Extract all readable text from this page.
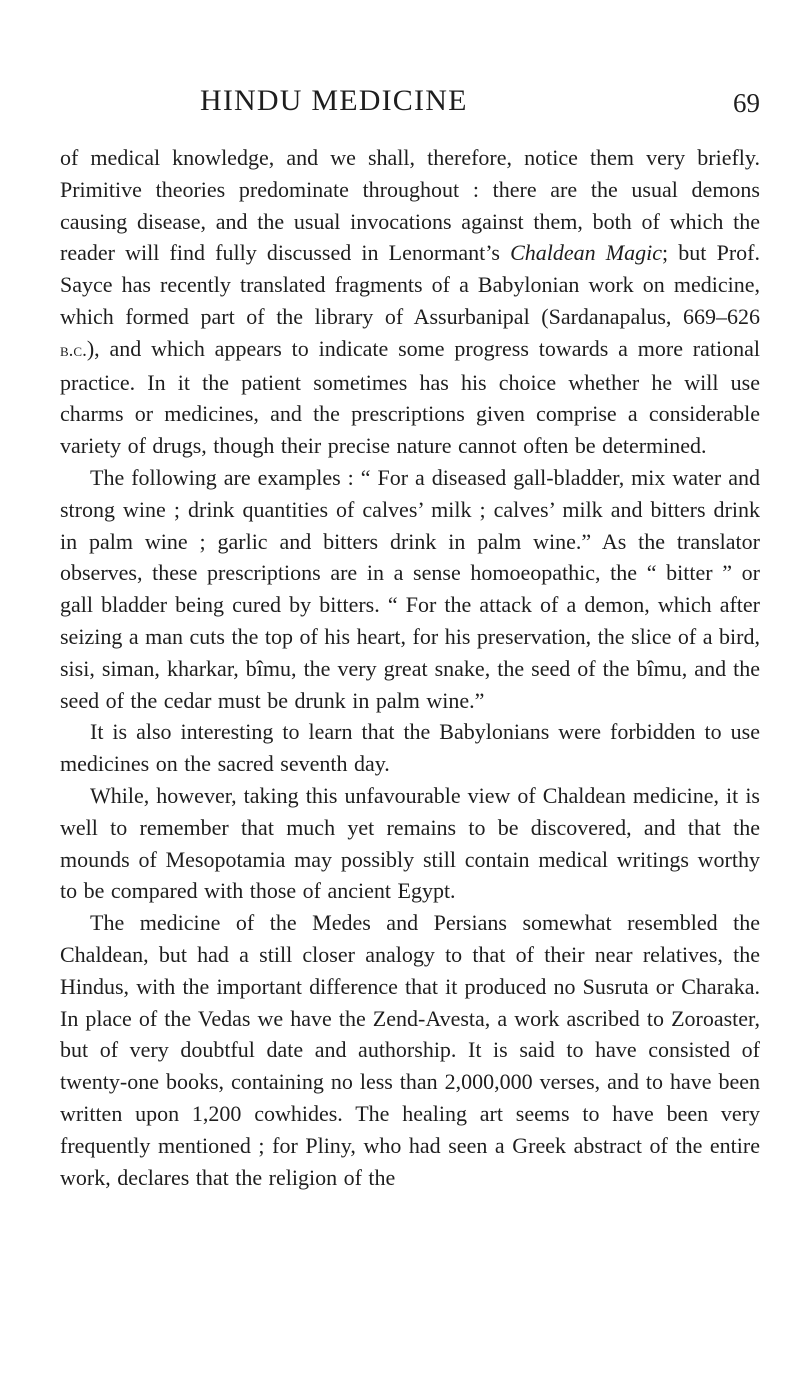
HINDU MEDICINE	69

of medical knowledge, and we shall, therefore, notice them very briefly. Primitive theories predominate throughout : there are the usual demons causing disease, and the usual invocations against them, both of which the reader will find fully discussed in Lenormant’s Chaldean Magic; but Prof. Sayce has recently translated fragments of a Babylonian work on medicine, which formed part of the library of Assurbanipal (Sardanapalus, 669–626 b.c.), and which appears to indicate some progress towards a more rational practice. In it the patient sometimes has his choice whether he will use charms or medicines, and the prescriptions given comprise a considerable variety of drugs, though their precise nature cannot often be determined.

The following are examples : “ For a diseased gall-bladder, mix water and strong wine ; drink quantities of calves’ milk ; calves’ milk and bitters drink in palm wine ; garlic and bitters drink in palm wine.” As the translator observes, these prescriptions are in a sense homoeopathic, the “ bitter ” or gall bladder being cured by bitters. “ For the attack of a demon, which after seizing a man cuts the top of his heart, for his preservation, the slice of a bird, sisi, siman, kharkar, bîmu, the very great snake, the seed of the bîmu, and the seed of the cedar must be drunk in palm wine.”

It is also interesting to learn that the Babylonians were forbidden to use medicines on the sacred seventh day.

While, however, taking this unfavourable view of Chaldean medicine, it is well to remember that much yet remains to be discovered, and that the mounds of Mesopotamia may possibly still contain medical writings worthy to be compared with those of ancient Egypt.

The medicine of the Medes and Persians somewhat resembled the Chaldean, but had a still closer analogy to that of their near relatives, the Hindus, with the important difference that it produced no Susruta or Charaka. In place of the Vedas we have the Zend-Avesta, a work ascribed to Zoroaster, but of very doubtful date and authorship. It is said to have consisted of twenty-one books, containing no less than 2,000,000 verses, and to have been written upon 1,200 cowhides. The healing art seems to have been very frequently mentioned ; for Pliny, who had seen a Greek abstract of the entire work, declares that the religion of the
